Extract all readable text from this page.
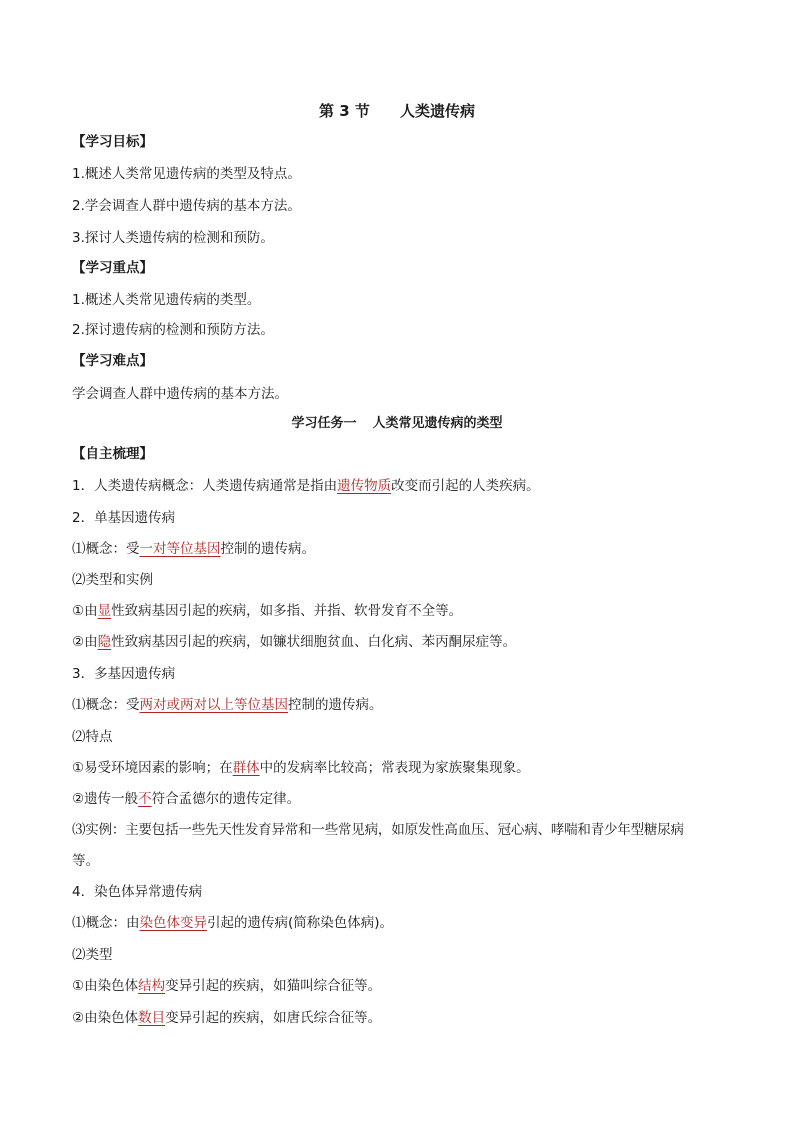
第 3 节 人类遗传病
【学习目标】
1.概述人类常见遗传病的类型及特点。
2.学会调查人群中遗传病的基本方法。
3.探讨人类遗传病的检测和预防。
【学习重点】
1.概述人类常见遗传病的类型。
2.探讨遗传病的检测和预防方法。
【学习难点】
学会调查人群中遗传病的基本方法。
学习任务一 人类常见遗传病的类型
【自主梳理】
1．人类遗传病概念：人类遗传病通常是指由遗传物质改变而引起的人类疾病。
2．单基因遗传病
⑴概念：受一对等位基因控制的遗传病。
⑵类型和实例
①由显性致病基因引起的疾病，如多指、并指、软骨发育不全等。
②由隐性致病基因引起的疾病，如镰状细胞贫血、白化病、苯丙酮尿症等。
3．多基因遗传病
⑴概念：受两对或两对以上等位基因控制的遗传病。
⑵特点
①易受环境因素的影响；在群体中的发病率比较高；常表现为家族聚集现象。
②遗传一般不符合孟德尔的遗传定律。
⑶实例：主要包括一些先天性发育异常和一些常见病，如原发性高血压、冠心病、哮喘和青少年型糖尿病
等。
4．染色体异常遗传病
⑴概念：由染色体变异引起的遗传病(简称染色体病)。
⑵类型
①由染色体结构变异引起的疾病，如猫叫综合征等。
②由染色体数目变异引起的疾病，如唐氏综合征等。
